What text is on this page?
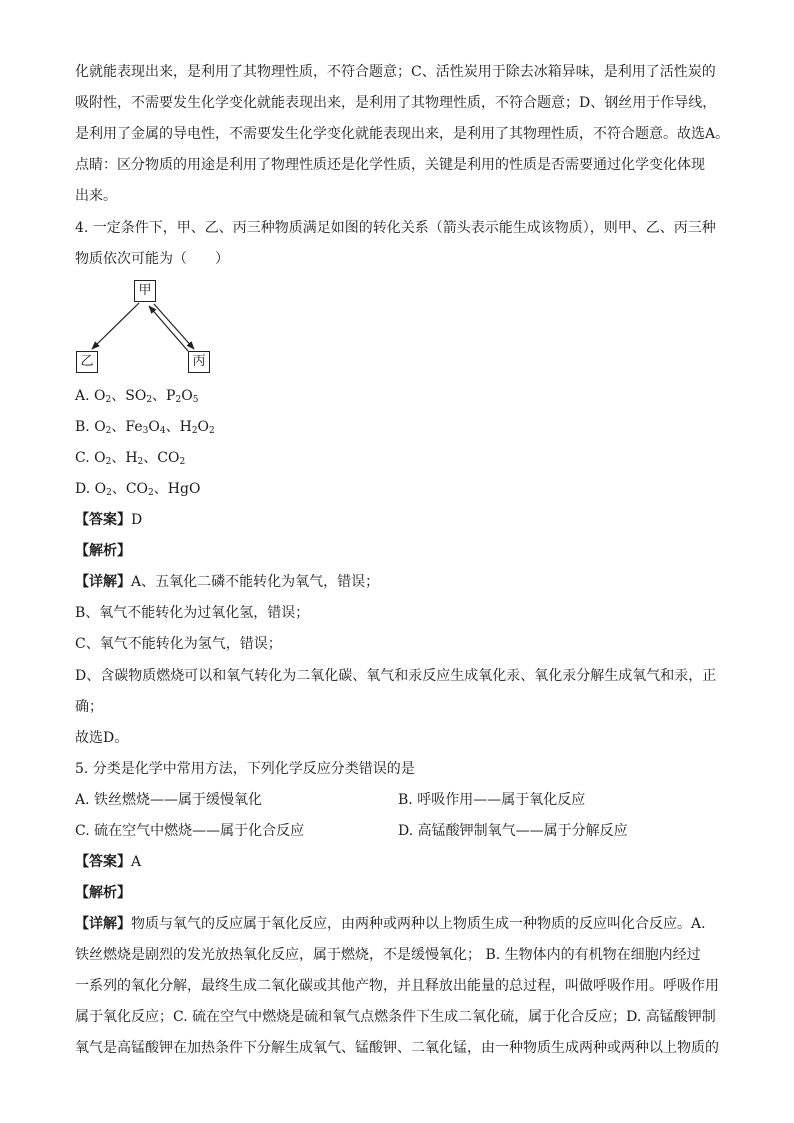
化就能表现出来，是利用了其物理性质，不符合题意；C、活性炭用于除去冰箱异味，是利用了活性炭的
吸附性，不需要发生化学变化就能表现出来，是利用了其物理性质，不符合题意；D、钢丝用于作导线，
是利用了金属的导电性，不需要发生化学变化就能表现出来，是利用了其物理性质，不符合题意。故选A。
点睛：区分物质的用途是利用了物理性质还是化学性质，关键是利用的性质是否需要通过化学变化体现
出来。
4. 一定条件下，甲、乙、丙三种物质满足如图的转化关系（箭头表示能生成该物质），则甲、乙、丙三种
物质依次可能为（　　）
甲
乙	丙
A. $O_2$、$SO_2$、$P_2O_5$
B. $O_2$、$Fe_3O_4$、$H_2O_2$
C. $O_2$、$H_2$、$CO_2$
D. $O_2$、$CO_2$、HgO
【答案】D
【解析】
【详解】A、五氧化二磷不能转化为氧气，错误；
B、氧气不能转化为过氧化氢，错误；
C、氧气不能转化为氢气，错误；
D、含碳物质燃烧可以和氧气转化为二氧化碳、氧气和汞反应生成氧化汞、氧化汞分解生成氧气和汞，正
确；
故选D。
5. 分类是化学中常用方法，下列化学反应分类错误的是
A. 铁丝燃烧——属于缓慢氧化	B. 呼吸作用——属于氧化反应
C. 硫在空气中燃烧——属于化合反应	D. 高锰酸钾制氧气——属于分解反应
【答案】A
【解析】
【详解】物质与氧气的反应属于氧化反应，由两种或两种以上物质生成一种物质的反应叫化合反应。A.
铁丝燃烧是剧烈的发光放热氧化反应，属于燃烧，不是缓慢氧化； B. 生物体内的有机物在细胞内经过
一系列的氧化分解，最终生成二氧化碳或其他产物，并且释放出能量的总过程，叫做呼吸作用。呼吸作用
属于氧化反应；C. 硫在空气中燃烧是硫和氧气点燃条件下生成二氧化硫，属于化合反应；D. 高锰酸钾制
氧气是高锰酸钾在加热条件下分解生成氧气、锰酸钾、二氧化锰，由一种物质生成两种或两种以上物质的
